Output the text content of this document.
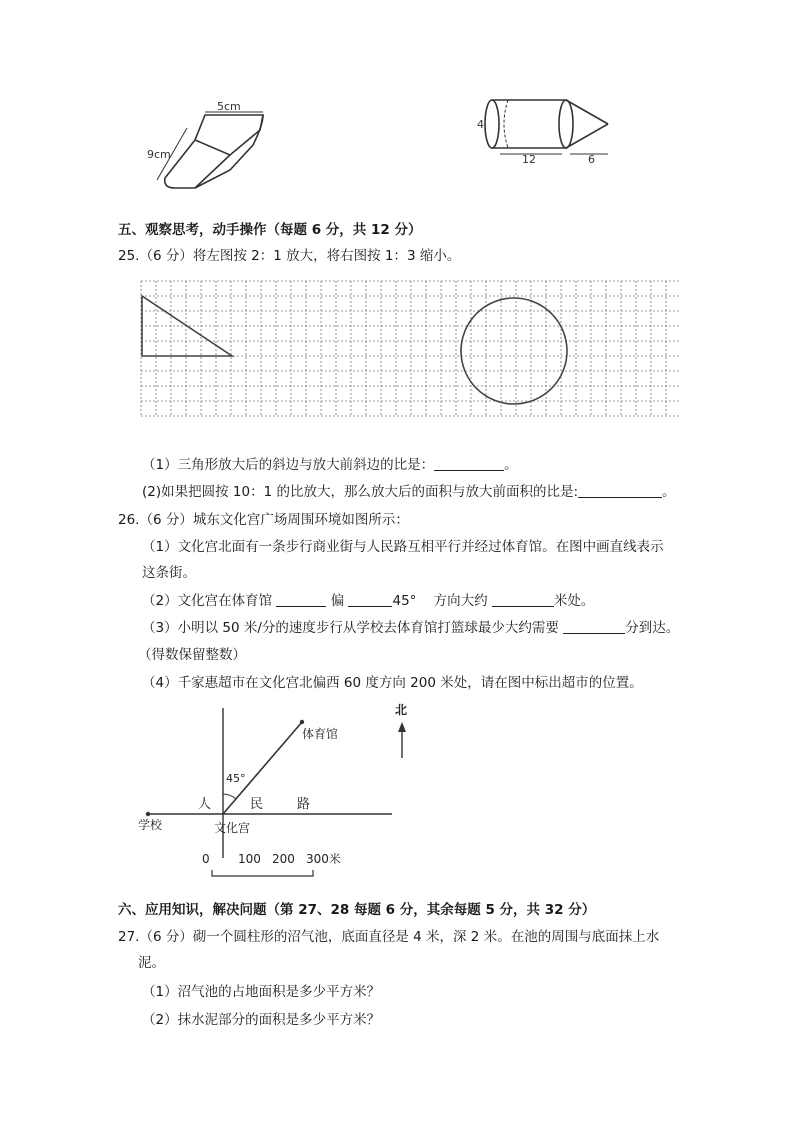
5cm
9cm
4
12	6
五、观察思考，动手操作（每题 6 分，共 12 分）
25.（6 分）将左图按 2：1 放大，将右图按 1：3 缩小。
（1）三角形放大后的斜边与放大前斜边的比是：	。
(2)如果把圆按 10：1 的比放大，那么放大后的面积与放大前面积的比是:	。
26.（6 分）城东文化宫广场周围环境如图所示：
（1）文化宫北面有一条步行商业街与人民路互相平行并经过体育馆。在图中画直线表示
这条街。
（2）文化宫在体育馆	偏	45° 方向大约	米处。
（3）小明以 50 米/分的速度步行从学校去体育馆打篮球最少大约需要	分到达。
（得数保留整数）
（4）千家惠超市在文化宫北偏西 60 度方向 200 米处，请在图中标出超市的位置。
体育馆
45°
人	民	路
学校	文化宫
0 100 200 300米
北
六、应用知识，解决问题（第 27、28 每题 6 分，其余每题 5 分，共 32 分）
27.（6 分）砌一个圆柱形的沼气池，底面直径是 4 米，深 2 米。在池的周围与底面抹上水
泥。
（1）沼气池的占地面积是多少平方米？
（2）抹水泥部分的面积是多少平方米？
